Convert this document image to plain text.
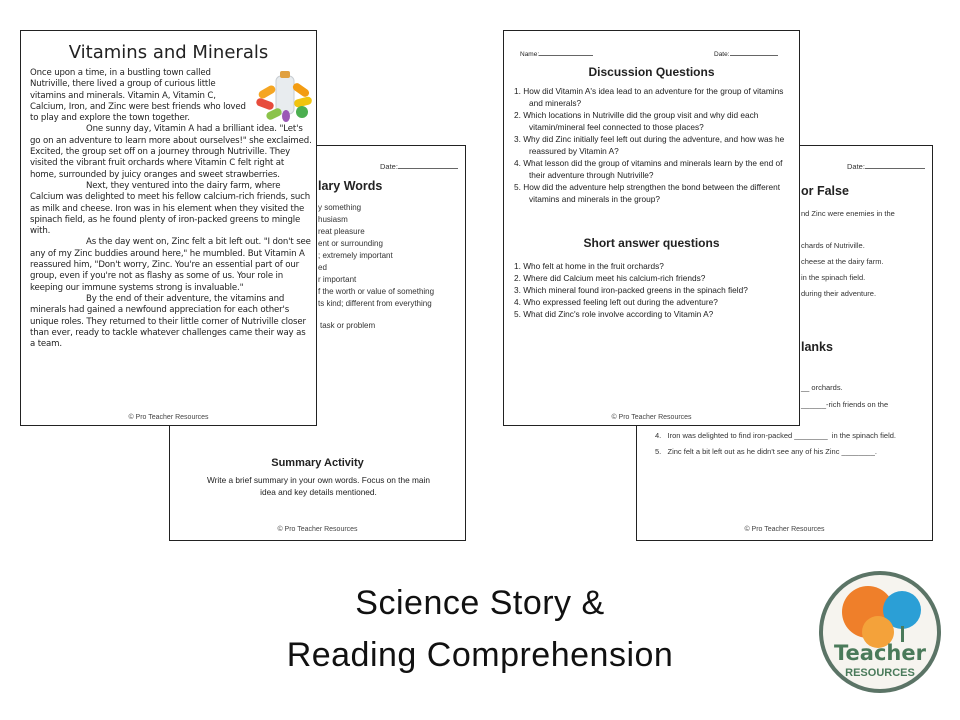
Date:
lary Words
y something
husiasm
reat pleasure
ent or surrounding
; extremely important
ed
r important
f the worth or value of something
ts kind; different from everything
task or problem
Summary Activity
Write a brief summary in your own words. Focus on the main idea and key details mentioned.
© Pro Teacher Resources
Vitamins and Minerals

Once upon a time, in a bustling town called Nutriville, there lived a group of curious little vitamins and minerals. Vitamin A, Vitamin C, Calcium, Iron, and Zinc were best friends who loved to play and explore the town together.

One sunny day, Vitamin A had a brilliant idea. "Let's go on an adventure to learn more about ourselves!" she exclaimed. Excited, the group set off on a journey through Nutriville. They visited the vibrant fruit orchards where Vitamin C felt right at home, surrounded by juicy oranges and sweet strawberries.

Next, they ventured into the dairy farm, where Calcium was delighted to meet his fellow calcium-rich friends, such as milk and cheese. Iron was in his element when they visited the spinach field, as he found plenty of iron-packed greens to mingle with.

As the day went on, Zinc felt a bit left out. "I don't see any of my Zinc buddies around here," he mumbled. But Vitamin A reassured him, "Don't worry, Zinc. You're an essential part of our group, even if you're not as flashy as some of us. Your role in keeping our immune systems strong is invaluable."

By the end of their adventure, the vitamins and minerals had gained a newfound appreciation for each other's unique roles. They returned to their little corner of Nutriville closer than ever, ready to tackle whatever challenges came their way as a team.

© Pro Teacher Resources
Date:
or False
nd Zinc were enemies in the
chards of Nutriville.
cheese at the dairy farm.
in the spinach field.
during their adventure.
lanks
__ orchards.
______-rich friends on the
4.   Iron was delighted to find iron-packed ________  in the spinach field.
5.   Zinc felt a bit left out as he didn't see any of his Zinc ________.
© Pro Teacher Resources
Name:	Date:
Discussion Questions
1. How did Vitamin A's idea lead to an adventure for the group of vitamins and minerals?
2. Which locations in Nutriville did the group visit and why did each vitamin/mineral feel connected to those places?
3. Why did Zinc initially feel left out during the adventure, and how was he reassured by Vitamin A?
4. What lesson did the group of vitamins and minerals learn by the end of their adventure through Nutriville?
5. How did the adventure help strengthen the bond between the different vitamins and minerals in the group?
Short answer questions
1. Who felt at home in the fruit orchards?
2. Where did Calcium meet his calcium-rich friends?
3. Which mineral found iron-packed greens in the spinach field?
4. Who expressed feeling left out during the adventure?
5. What did Zinc's role involve according to Vitamin A?
© Pro Teacher Resources
Science Story &
Reading Comprehension	Teacher
RESOURCES
